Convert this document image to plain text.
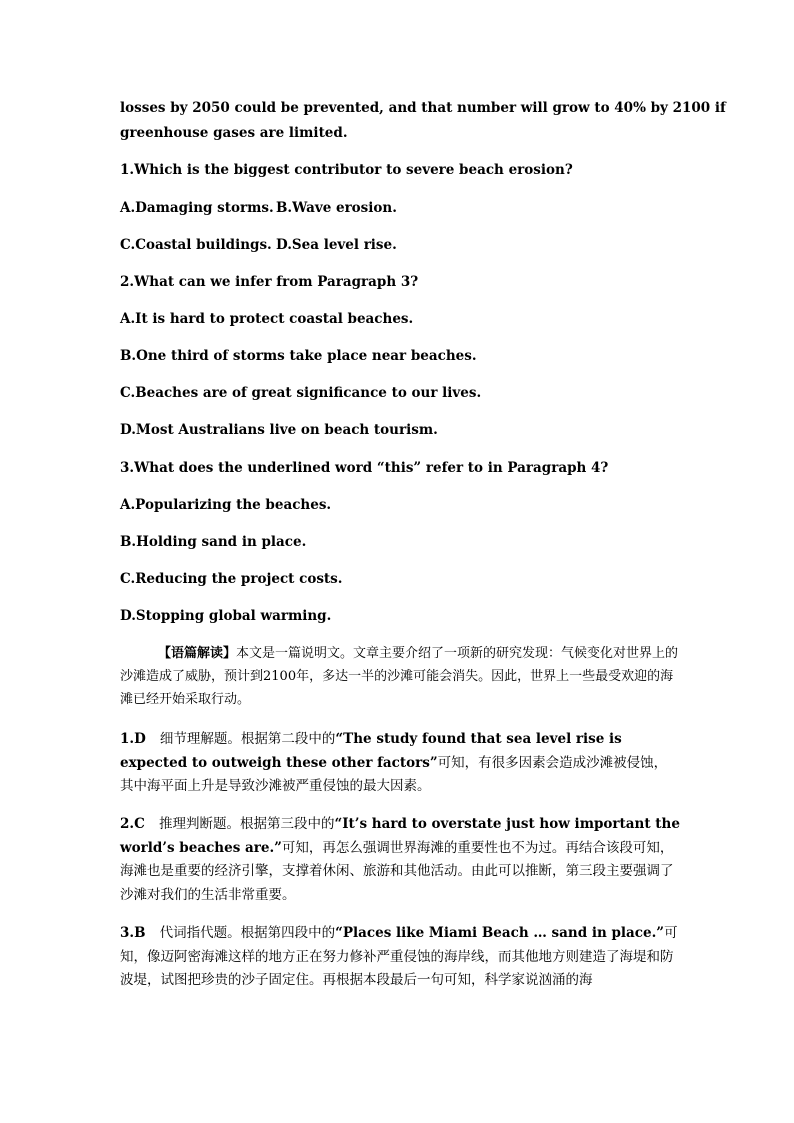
losses by 2050 could be prevented, and that number will grow to 40% by 2100 if
greenhouse gases are limited.
1.Which is the biggest contributor to severe beach erosion?
A.Damaging storms. B.Wave erosion.
C.Coastal buildings. D.Sea level rise.
2.What can we infer from Paragraph 3?
A.It is hard to protect coastal beaches.
B.One third of storms take place near beaches.
C.Beaches are of great significance to our lives.
D.Most Australians live on beach tourism.
3.What does the underlined word “this” refer to in Paragraph 4?
A.Popularizing the beaches.
B.Holding sand in place.
C.Reducing the project costs.
D.Stopping global warming.
【语篇解读】本文是一篇说明文。文章主要介绍了一项新的研究发现：气候变化对世界上的沙滩造成了威胁，预计到2100年，多达一半的沙滩可能会消失。因此，世界上一些最受欢迎的海滩已经开始采取行动。
1.D 细节理解题。根据第二段中的“The study found that sea level rise is expected to outweigh these other factors”可知，有很多因素会造成沙滩被侵蚀，其中海平面上升是导致沙滩被严重侵蚀的最大因素。
2.C 推理判断题。根据第三段中的“It’s hard to overstate just how important the world’s beaches are.”可知，再怎么强调世界海滩的重要性也不为过。再结合该段可知，海滩也是重要的经济引擎，支撑着休闲、旅游和其他活动。由此可以推断，第三段主要强调了沙滩对我们的生活非常重要。
3.B 代词指代题。根据第四段中的“Places like Miami Beach … sand in place.”可知，像迈阿密海滩这样的地方正在努力修补严重侵蚀的海岸线，而其他地方则建造了海堤和防波堤，试图把珍贵的沙子固定住。再根据本段最后一句可知，科学家说汹涌的海
